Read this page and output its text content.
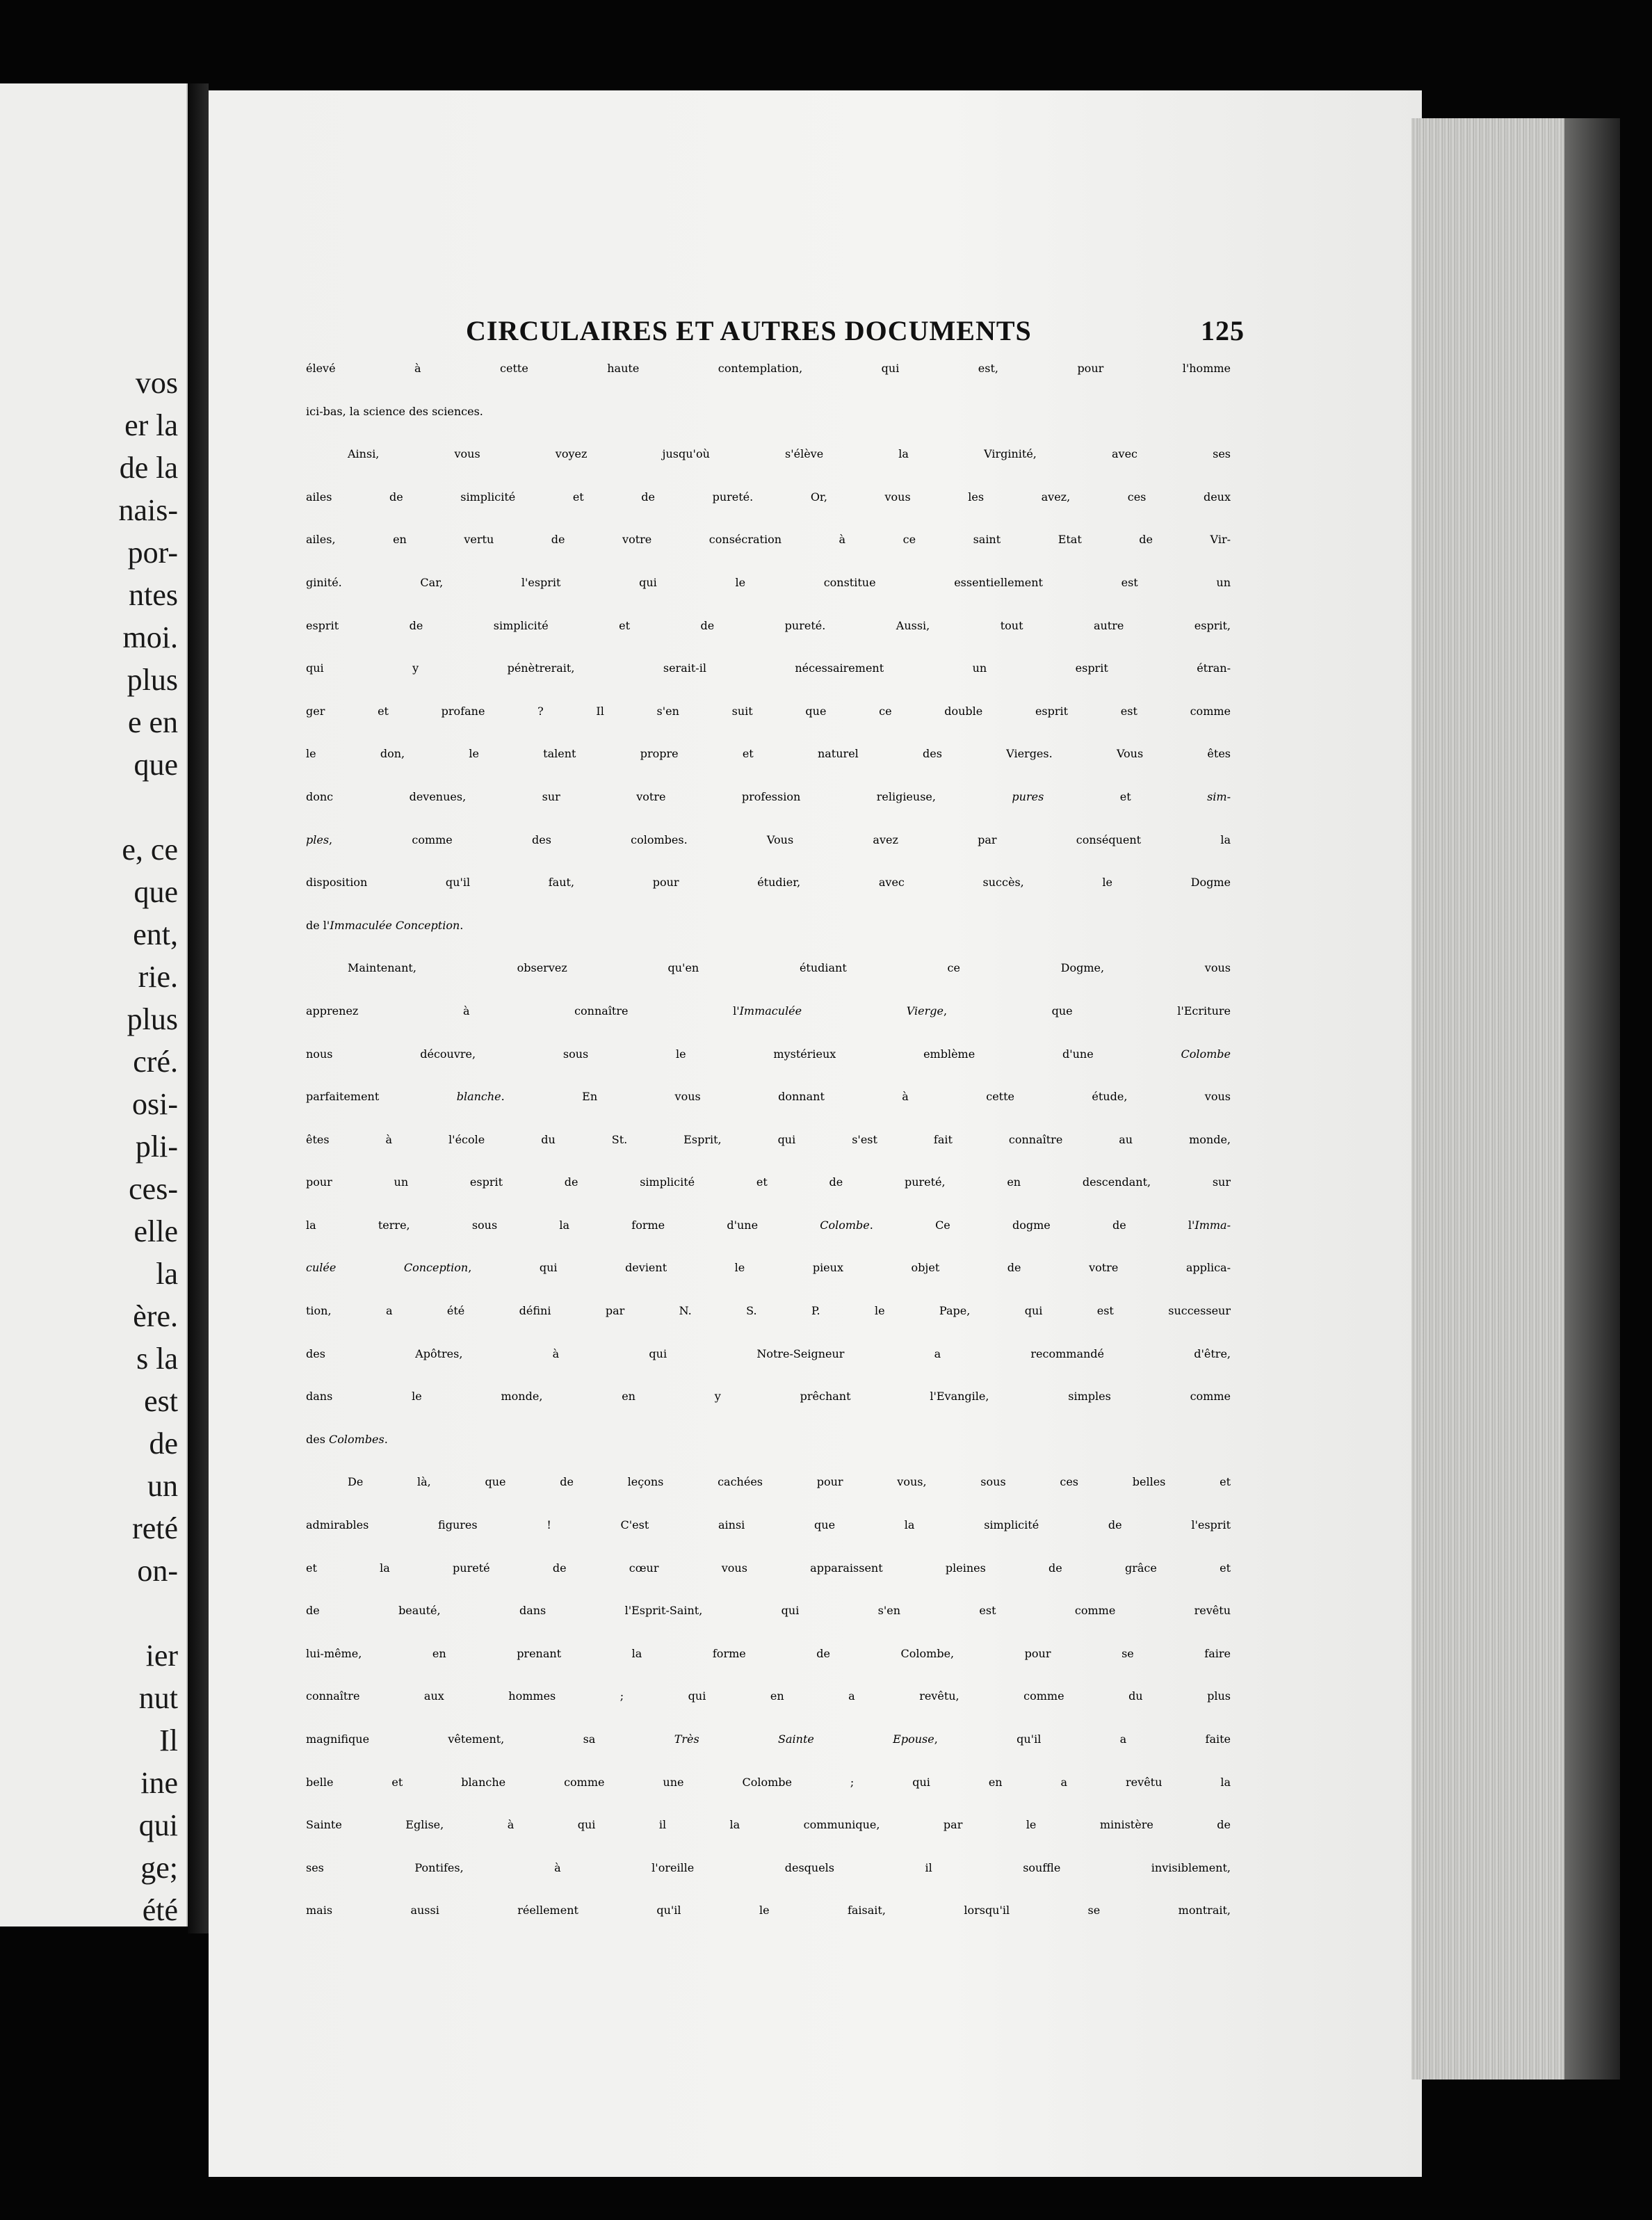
vos
er la
de la
nais-
por-
ntes
moi.
plus
e en
que

e, ce
que
ent,
rie.
plus
cré.
osi-
pli-
ces-
elle
la
ère.
s la
est
de
un
reté
on-

ier
nut
Il
ine
qui
ge;
été
CIRCULAIRES ET AUTRES DOCUMENTS	125
élevé à cette haute contemplation, qui est, pour l'homme
ici-bas, la science des sciences.
Ainsi, vous voyez jusqu'où s'élève la Virginité, avec ses
ailes de simplicité et de pureté. Or, vous les avez, ces deux
ailes, en vertu de votre consécration à ce saint Etat de Vir-
ginité. Car, l'esprit qui le constitue essentiellement est un
esprit de simplicité et de pureté. Aussi, tout autre esprit,
qui y pénètrerait, serait-il nécessairement un esprit étran-
ger et profane ? Il s'en suit que ce double esprit est comme
le don, le talent propre et naturel des Vierges. Vous êtes
donc devenues, sur votre profession religieuse, pures et sim-
ples, comme des colombes. Vous avez par conséquent la
disposition qu'il faut, pour étudier, avec succès, le Dogme
de l'Immaculée Conception.
Maintenant, observez qu'en étudiant ce Dogme, vous
apprenez à connaître l'Immaculée Vierge, que l'Ecriture
nous découvre, sous le mystérieux emblème d'une Colombe
parfaitement blanche. En vous donnant à cette étude, vous
êtes à l'école du St. Esprit, qui s'est fait connaître au monde,
pour un esprit de simplicité et de pureté, en descendant, sur
la terre, sous la forme d'une Colombe. Ce dogme de l'Imma-
culée Conception, qui devient le pieux objet de votre applica-
tion, a été défini par N. S. P. le Pape, qui est successeur
des Apôtres, à qui Notre-Seigneur a recommandé d'être,
dans le monde, en y prêchant l'Evangile, simples comme
des Colombes.
De là, que de leçons cachées pour vous, sous ces belles et
admirables figures ! C'est ainsi que la simplicité de l'esprit
et la pureté de cœur vous apparaissent pleines de grâce et
de beauté, dans l'Esprit-Saint, qui s'en est comme revêtu
lui-même, en prenant la forme de Colombe, pour se faire
connaître aux hommes ; qui en a revêtu, comme du plus
magnifique vêtement, sa Très Sainte Epouse, qu'il a faite
belle et blanche comme une Colombe ; qui en a revêtu la
Sainte Eglise, à qui il la communique, par le ministère de
ses Pontifes, à l'oreille desquels il souffle invisiblement,
mais aussi réellement qu'il le faisait, lorsqu'il se montrait,
